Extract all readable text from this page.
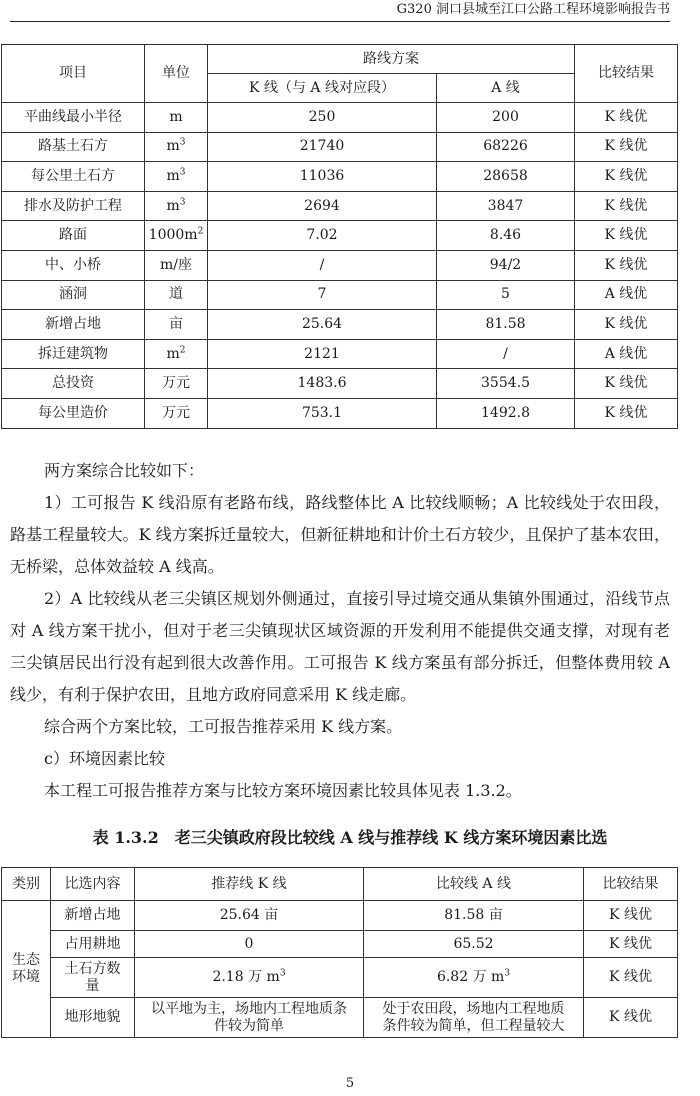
G320 洞口县城至江口公路工程环境影响报告书
项目	单位	路线方案		比较结果
		K 线（与 A 线对应段）	A 线	
平曲线最小半径	m	250	200	K 线优
路基土石方	$m^3$	21740	68226	K 线优
每公里土石方	$m^3$	11036	28658	K 线优
排水及防护工程	$m^3$	2694	3847	K 线优
路面	$1000m^2$	7.02	8.46	K 线优
中、小桥	m/座	/	94/2	K 线优
涵洞	道	7	5	A 线优
新增占地	亩	25.64	81.58	K 线优
拆迁建筑物	$m^2$	2121	/	A 线优
总投资	万元	1483.6	3554.5	K 线优
每公里造价	万元	753.1	1492.8	K 线优

两方案综合比较如下：

1）工可报告 K 线沿原有老路布线，路线整体比 A 比较线顺畅；A 比较线处于农田段，路基工程量较大。K 线方案拆迁量较大，但新征耕地和计价土石方较少，且保护了基本农田，无桥梁，总体效益较 A 线高。

2）A 比较线从老三尖镇区规划外侧通过，直接引导过境交通从集镇外围通过，沿线节点对 A 线方案干扰小，但对于老三尖镇现状区域资源的开发利用不能提供交通支撑，对现有老三尖镇居民出行没有起到很大改善作用。工可报告 K 线方案虽有部分拆迁，但整体费用较 A 线少，有利于保护农田，且地方政府同意采用 K 线走廊。

综合两个方案比较，工可报告推荐采用 K 线方案。

c）环境因素比较

本工程工可报告推荐方案与比较方案环境因素比较具体见表 1.3.2。

表 1.3.2　老三尖镇政府段比较线 A 线与推荐线 K 线方案环境因素比选
类别	比选内容	推荐线 K 线	比较线 A 线	比较结果
生态环境	新增占地	25.64 亩	81.58 亩	K 线优
	占用耕地	0	65.52	K 线优
	土石方数量	2.18 万 $m^3$	6.82 万 $m^3$	K 线优
	地形地貌	以平地为主，场地内工程地质条件较为简单	处于农田段，场地内工程地质条件较为简单，但工程量较大	K 线优
5
